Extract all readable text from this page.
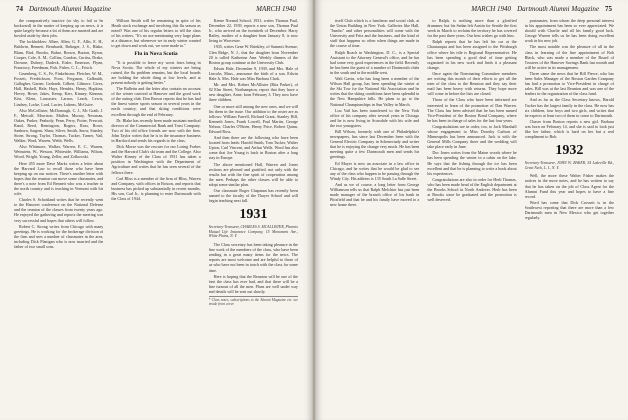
74 Dartmouth Alumni Magazine	MARCH 1940

the comparatively inactive (or shy to fail or be backward) in the matter of keeping up on news, it is quite largely because a lot of them are married and are bowled aside by their jobs.

The lockholders: Albee, Allen, G. F., Allis, E. H., Baldwin, Bennett, Bernhardt, Bolinger, J. S., Blake, Blum, Bird, Brooks, Bubar, Brown, Burton, Byron, Cooper, Cole, A. M., Collins, Condon, Curtiss, Drake, Drowne, Dubrey, Dudeck, Eisler, Emerson, Flynn, Franciscy, Freedman, Fish, Fisher, C. L., Frisch.

Gruenberg, C. S., Fe, Finkelstone, Fletcher, W. M., Fossett, Fredrickson, Frost, Ferguson, Galbraith, Gallagher, Garner, Gerhardt, Gilbert, Gilmore, Gives, Hall, Haskell, Hale, Hays, Hendrix, Henry, Hopkins, Hovey, Howe, Jakes, Kemp, Kerr, Kinney, Kinnear, Kiss, Klein, Lancaster, Larson, Leach, Lewis, Lindsey, Locke, Lord, Lucier, Lukens, McGuire.

Also McCollister, McDonough, C. J., Mc Grath, J. F., Metcalf, Morrison, Mullen, Murray, Newman, Oakes, Parker, Peabody, Penn, Perry, Potter, Prescott, Rand, Reed, Remington, Rogers, Ross, Rowe, Sanborn, Sargent, Shaw, Silver, Smith, Snow, Stanley, Stone, Strong, Taylor, Thomas, Tucker, Turner, Vail, Walker, Ward, Warren, Webb, Wells.

Also Whitmore, Walker, Warren, E. C., Warren, Weinstein, W., Wesson, Whiteside, Williams, Wilson, Wood, Wright, Young, Zeller, and Zolkowski.

Here 455 more Dave Marks writes a letter about the Harvard Law to recall those who have been keeping up on our notices. There's another letter with hopes that the reunion can move some classmates, and there's a note from Ed Bennett who was a teacher in the north country and is teaching in Vermont with his wife.

Charles S. Schottland writes that he recently went to the Hanover conference on the National Defense and the reunion of the classes from twenty years ago. He enjoyed the gathering and reports the meeting was very successful and hopes that others will follow.

Robert C. Strong writes from Chicago with many greetings. He is working for the brokerage division of the firm and sees a number of classmates in the area, including Dick Flanigan who is now married and the father of two small sons.

Willson Smith will be remaining in spite of his Heath stock exchange and involving this flu season as noted? Was one of his regular letters to tell the class of his writers, "It's no use mentioning very large plans at a distance, but whenever we in early winter wanted to get down and work out, we were made to."

Flu in Nova Scotia

"It is possible to leave my worst fears being in Nova Scotia. The whole of my winters are being ruined, the flu problem remains, but the local boards are holding the whole thing at low levels, and at present nobody is getting better."

The Bulletin and the letter also contain an account of the winter carnival at Hanover and the good work of the outing club. Don Brown reports that he has had the finest winter sports season in several years in the north country, and that skiing conditions were excellent through the end of February.

Dr. Blake has recently been made assistant medical director of the Commercial Bank and Trust Company. Two of his old office friends are now with the firm. John Taylor writes that he is in the insurance business in Hartford and sends his regards to the class.

Dick Morse was the rescuer for our Loring Forbes and the Harvard Club's ski team and the College. Also Walter Kinney of the Class of 1931 has taken a position in Washington with the Department of Agriculture and writes that he has seen several of the fellows there.

Carl Bliss is a member of the firm of Bliss, Warren and Company, with offices in Boston, and reports that business has picked up substantially in recent months. His son, Carl Jr., is planning to enter Dartmouth with the Class of 1944.

Keene Normal School, 1931, writes Thomas Paul, December 22, 1939, reports a new son, Thomas Paul Jr., who arrived on the twentieth of December. Harry Bailey, mother of a daughter born January 8, is now living in Worcester.

1935, writes Gene W. Brinkley, of Summit Avenue, Glen Ridge, N. J., that the daughter born November 20 is called Katherine Ann. Weekly dinners of the Boston group continue at the University Club.

Edwin Hale, December 9, 1939, and Mrs. Hale of Lincoln, Mass., announce the birth of a son, Edwin Hale Jr. Mrs. Hale was Miss Barbara Clark.

Mr. and Mrs. Robert McAllister (Rita Parker), of 82 Elm Street, Northampton, report that they have a new daughter, Anne, born February 3. They now have three children.

One or more still among the new ones, and we will list them in the issue. Our addition to the roster are as follows: William Farrell, Richard Grant, Stanley Hill, Kenneth Jones, Frank Lowell, Paul Martin, George Nelson, Charles O'Brien, Henry Price, Robert Quinn, Edward Ross.

And then there are the following who have been located from leads: Harold Smith, Tom Tucker, Walter Upton, Carl Vincent, and Arthur Wells. Word has also come that Joe Young is back in Boston after a long stay in Europe.

The above mentioned Hall, Warren and Jones sections are pleased and gratified, not only with the results but with the fine spirit of cooperation among the men. Perhaps the other classes will be able to adopt some similar plan.

Our classmate Roger Chapman has recently been named to the faculty of the Thayer School and will begin teaching next fall.

1931
Secretary-Treasurer, CHARLES S. MCALLISTER, Phoenix Mutual Life Insurance Company, 15 Monument Ave., White Plains, N. Y.

The Class secretary has been taking pleasure in the fine work of the members of the class, who have been sending in a great many items for the news. The reports are most welcome and are helpful to those of us who have not been in touch with the class for some time.

Here is hoping that the Reunion will be one of the best the class has ever had, and that there will be a fine turnout of all the men. Plans are well under way and details will be sent out shortly.

* Class notes, subscriptions to the Alumni Magazine etc. see inside front cover.
MARCH 1940 Dartmouth Alumni Magazine 75

itself Club which is a luncheon and social club, at the Union Building in New York. Galleries like Hall, "Jumbo" and other personalities will come with the University and Fritz and the business, and the kind of stuff that happens so often when things are made in the course of time.

Ralph Roach in Washington, D. C., is a Special Assistant to the Attorney General's office, and he has had some very good experiences in the field. Recently he has been the guest of a number of Dartmouth clubs in the south and in the middle west.

Walt Gavin, who has long been a member of the Wilson Hall group, has been spending the winter at the Ski Tow for the National Ski Association and he writes that the skiing conditions have been splendid in the New Hampshire hills. He plans to go to the National Championships in Sun Valley in March.

Lou Vail has been transferred to the New York office of his company after several years in Chicago and he is now living in Scarsdale with his wife and the two youngsters.

Bill Wilson, formerly with one of Philadelphia's newspapers, has since last December been with the General Electric Company in Schenectady and writes that he is enjoying the change very much. He has been meeting quite a few Dartmouth men and sends his greetings.

Ed Mayer is now an associate in a law office in Chicago, and he writes that he would be glad to see any of the class who happen to be passing through the Windy City. His address is 135 South La Salle Street.

And as we of course, a long letter from George Williamson tells us that Ralph Melchior has just been made manager of the branch office of his bank in Pittsfield and that he and his family have moved to a new home there.

to Ralph, is nothing more than a glorified drummer, but his Sedan left Austin for Seattle the first week in March to reclaim the territory he has covered for the past three years. Our best wishes go with him.

Ralph reports that he has left his car at the Chautauqua and has been assigned to the Pittsburgh office where his title is Regional Representative. He has been spending a good deal of time getting organized in his new work and finds it a pleasant change.

Once again the Nominating Committee members are writing this month of their efforts to get all the men of the class to the Reunion and they say their mail has been heavy with returns. They hope more will come in before the lists are closed.

Those of the Class who have been informed are interested to learn of the promotion of Dan Warren. The Class has been advised that he has been named Vice-President of the Boston Bond Company, where he has been in charge of sales for the last four years.

Congratulations are in order, too, to Jack Marshall whose engagement to Miss Dorothy Carlson of Minneapolis has been announced. Jack is with the General Mills Company there and the wedding will take place early in June.

Doc Jones writes from the Maine woods where he has been spending the winter in a cabin on the lake. He says that the fishing through the ice has been excellent and that he is planning to write a book about his experiences.

Congratulations are also in order for Herb Thomas, who has been made head of the English department at the Brooks School in North Andover. Herb has been at Brooks since he graduated and the promotion is well deserved.

postmaster, from whom the deep personal interest in his appointment has been so ever appreciated. We should wish Charlie and all his family good luck. George Warren tells us he has been doing excellent work in his new job.

The most notable was the pleasure of all in the class in learning of the fine appointment of Bob Black, who was made a member of the Board of Trustees of the Hanover Savings Bank last month and will be active in its management.

Three came the news that he Bill Pierce, who has been Sales Manager of the Boston Garden Company has had a promotion to Vice-President in charge of sales. Bill was at the last Reunion and was one of the leaders in the organization of the class fund.

And as far as the Class Secretary knows, Harold Tucker has the largest family in the class. He now has six children, four boys and two girls, and writes that he expects at least two of them to come to Dartmouth.

Chaser from Boston reports a new girl. Barbara was born on February 14, and she is said to look just like her father, which is hard on her but a real compliment to Bob.

1932
Secretary-Treasurer, JOHN W. BAKER, 54 Lakeville Rd., Great Neck, L. I., N. Y.

Well, the more these Walter Fisher makes the notices in the more notes, and he has written to say that he has taken on the job of Class Agent for the Alumni Fund this year and hopes to have a fine record.

Word has come that Dick Crossett is in the Southwest reporting that there are more than a few Dartmouth men in New Mexico who get together regularly.
